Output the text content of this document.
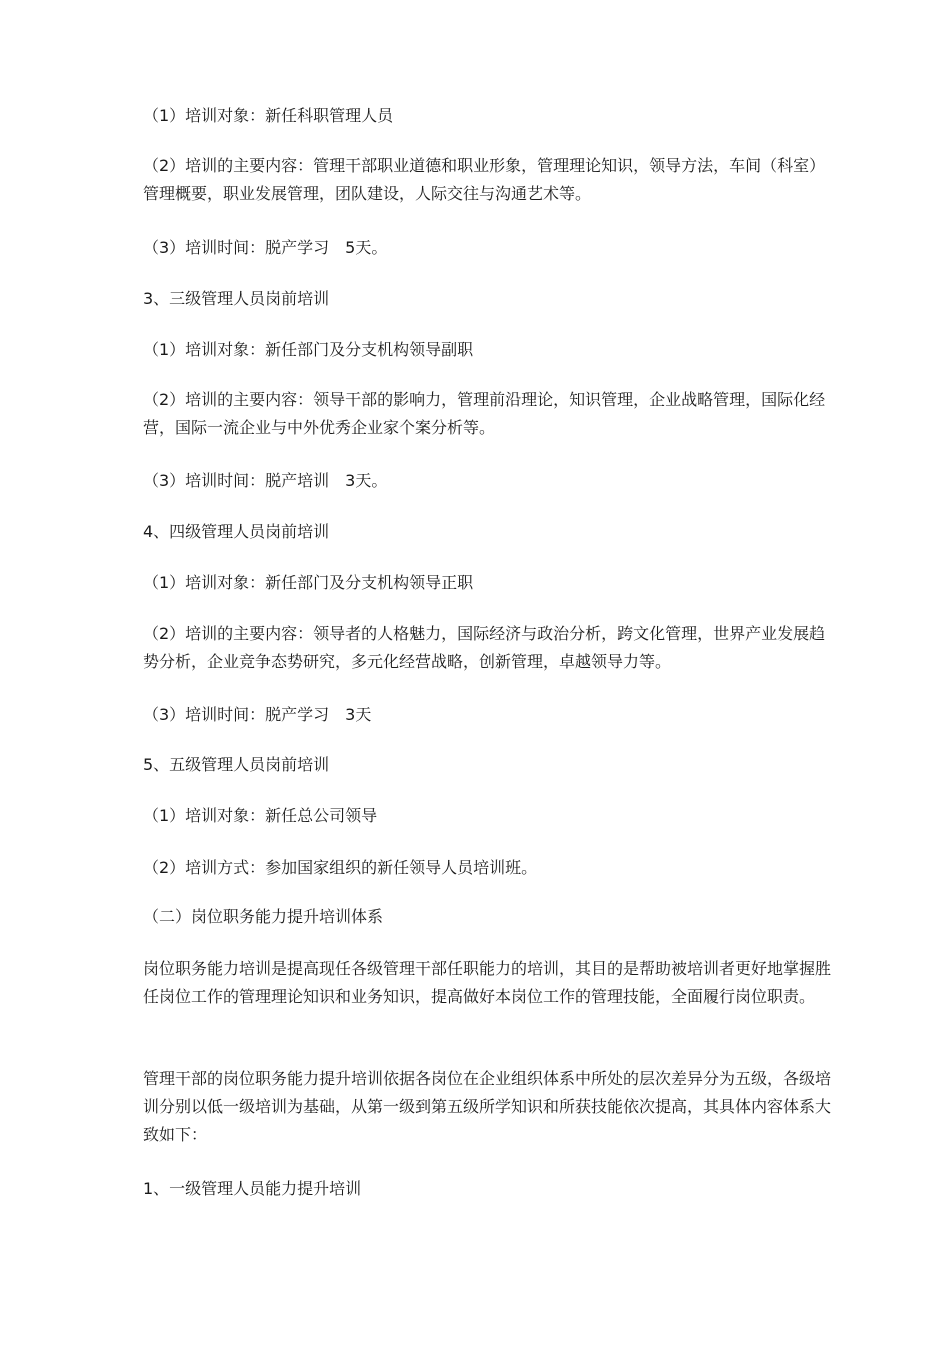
（1）培训对象：新任科职管理人员

（2）培训的主要内容：管理干部职业道德和职业形象，管理理论知识，领导方法，车间（科室）管理概要，职业发展管理，团队建设，人际交往与沟通艺术等。

（3）培训时间：脱产学习　5天。

3、三级管理人员岗前培训

（1）培训对象：新任部门及分支机构领导副职

（2）培训的主要内容：领导干部的影响力，管理前沿理论，知识管理，企业战略管理，国际化经营，国际一流企业与中外优秀企业家个案分析等。

（3）培训时间：脱产培训　3天。

4、四级管理人员岗前培训

（1）培训对象：新任部门及分支机构领导正职

（2）培训的主要内容：领导者的人格魅力，国际经济与政治分析，跨文化管理，世界产业发展趋势分析，企业竞争态势研究，多元化经营战略，创新管理，卓越领导力等。

（3）培训时间：脱产学习　3天

5、五级管理人员岗前培训

（1）培训对象：新任总公司领导

（2）培训方式：参加国家组织的新任领导人员培训班。

（二）岗位职务能力提升培训体系

岗位职务能力培训是提高现任各级管理干部任职能力的培训，其目的是帮助被培训者更好地掌握胜任岗位工作的管理理论知识和业务知识，提高做好本岗位工作的管理技能，全面履行岗位职责。

管理干部的岗位职务能力提升培训依据各岗位在企业组织体系中所处的层次差异分为五级，各级培训分别以低一级培训为基础，从第一级到第五级所学知识和所获技能依次提高，其具体内容体系大致如下：

1、一级管理人员能力提升培训
